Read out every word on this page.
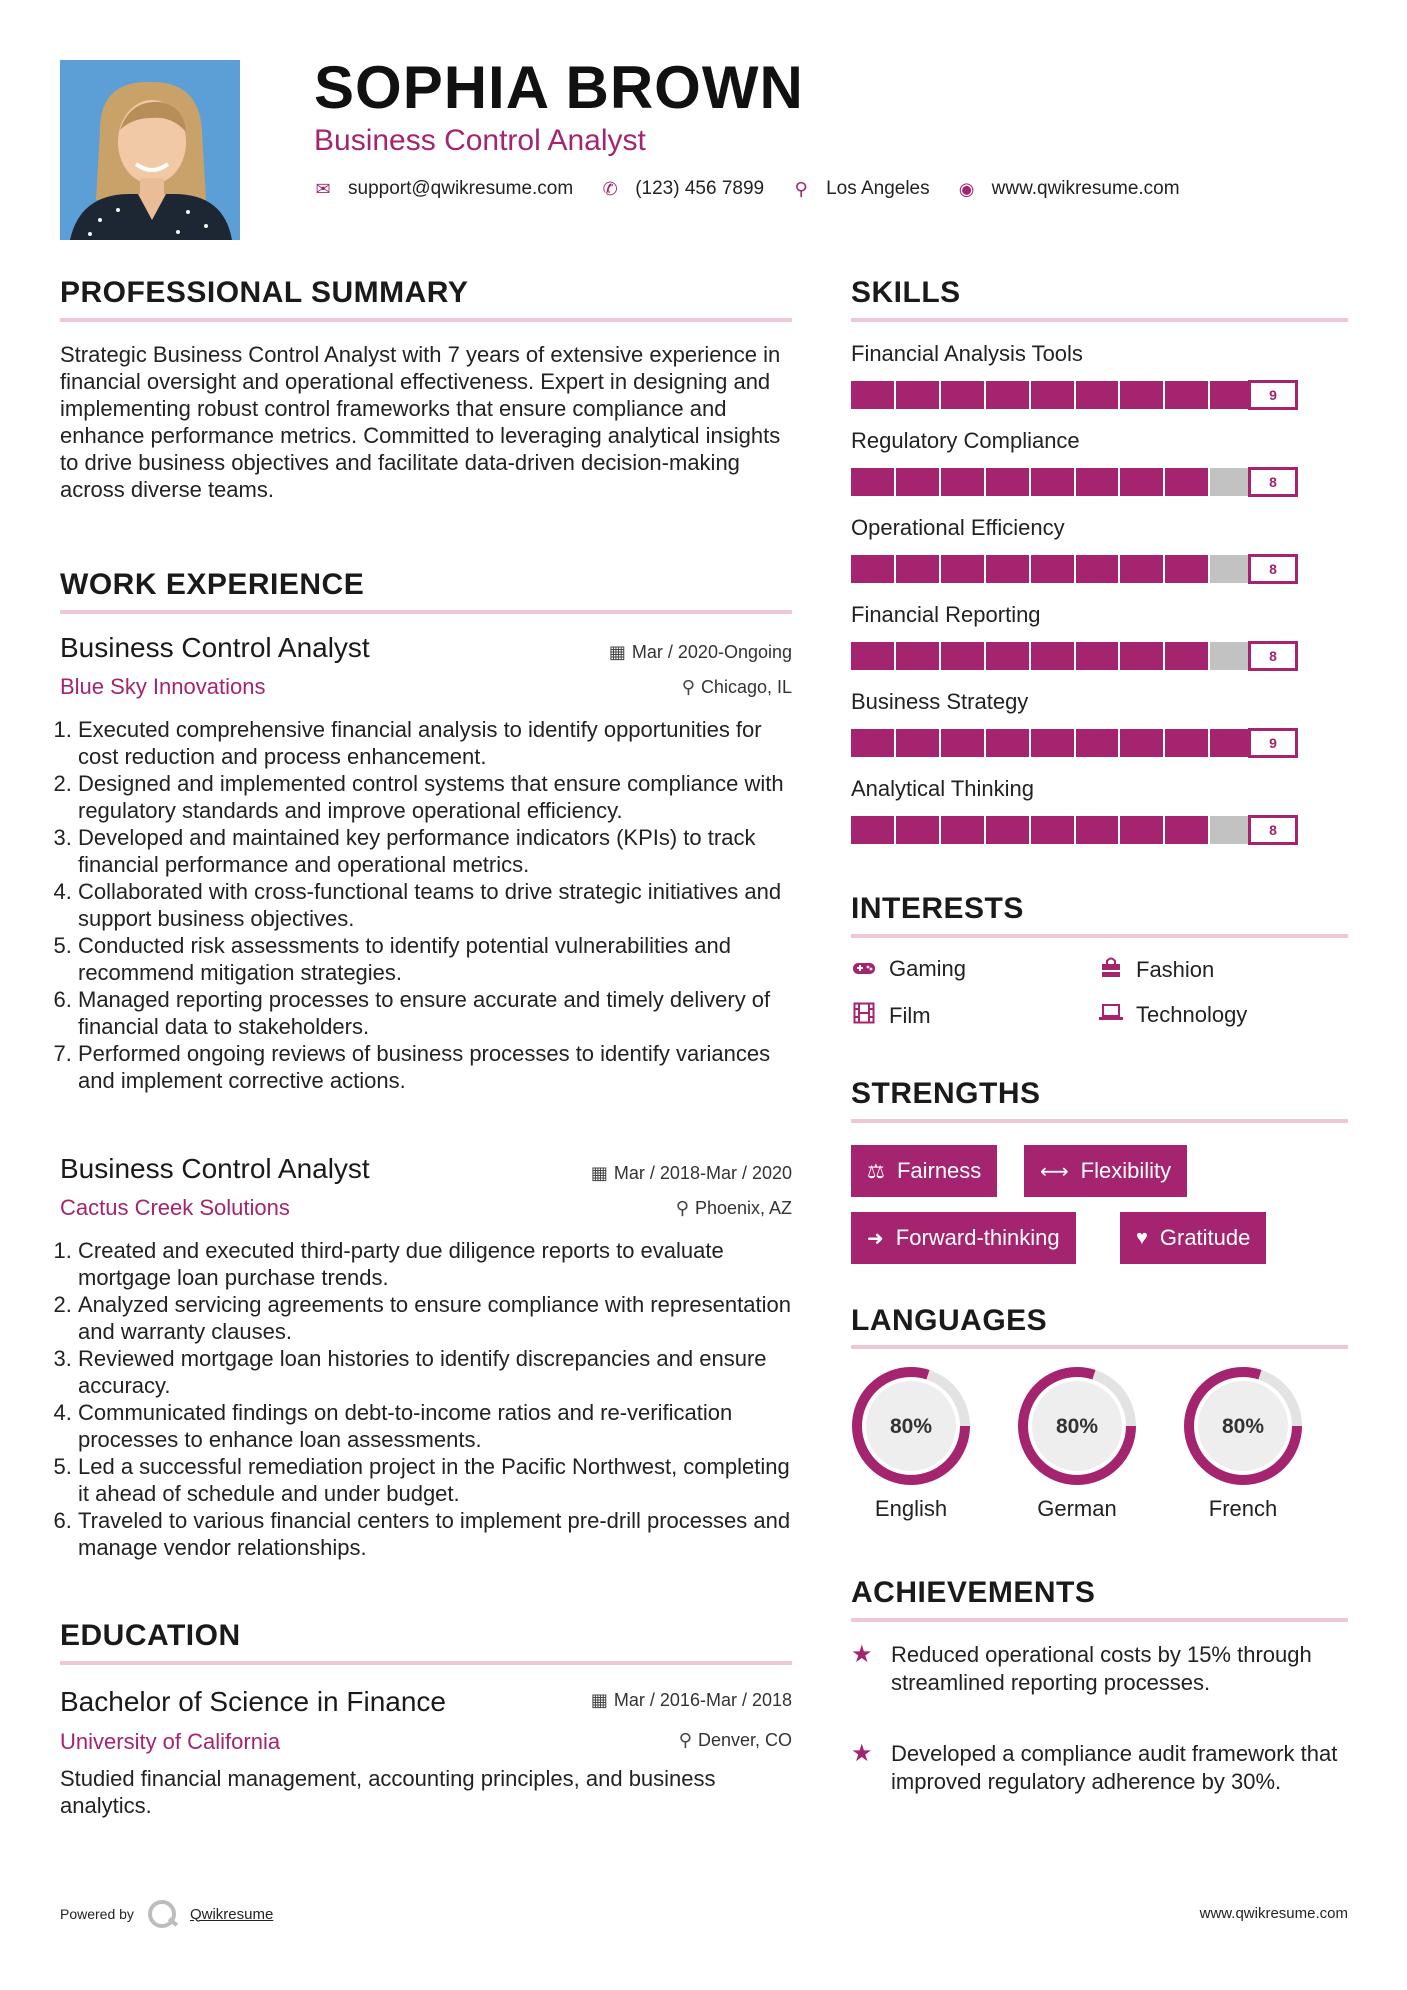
SOPHIA BROWN
Business Control Analyst
✉ support@qwikresume.com ✆ (123) 456 7899 ⚲ Los Angeles ◉ www.qwikresume.com
PROFESSIONAL SUMMARY
Strategic Business Control Analyst with 7 years of extensive experience in financial oversight and operational effectiveness. Expert in designing and implementing robust control frameworks that ensure compliance and enhance performance metrics. Committed to leveraging analytical insights to drive business objectives and facilitate data-driven decision-making across diverse teams.
WORK EXPERIENCE
Business Control Analyst	▦ Mar / 2020-Ongoing
Blue Sky Innovations	⚲ Chicago, IL
1. Executed comprehensive financial analysis to identify opportunities for cost reduction and process enhancement.
2. Designed and implemented control systems that ensure compliance with regulatory standards and improve operational efficiency.
3. Developed and maintained key performance indicators (KPIs) to track financial performance and operational metrics.
4. Collaborated with cross-functional teams to drive strategic initiatives and support business objectives.
5. Conducted risk assessments to identify potential vulnerabilities and recommend mitigation strategies.
6. Managed reporting processes to ensure accurate and timely delivery of financial data to stakeholders.
7. Performed ongoing reviews of business processes to identify variances and implement corrective actions.
Business Control Analyst	▦ Mar / 2018-Mar / 2020
Cactus Creek Solutions	⚲ Phoenix, AZ
1. Created and executed third-party due diligence reports to evaluate mortgage loan purchase trends.
2. Analyzed servicing agreements to ensure compliance with representation and warranty clauses.
3. Reviewed mortgage loan histories to identify discrepancies and ensure accuracy.
4. Communicated findings on debt-to-income ratios and re-verification processes to enhance loan assessments.
5. Led a successful remediation project in the Pacific Northwest, completing it ahead of schedule and under budget.
6. Traveled to various financial centers to implement pre-drill processes and manage vendor relationships.
EDUCATION
Bachelor of Science in Finance	▦ Mar / 2016-Mar / 2018
University of California	⚲ Denver, CO
Studied financial management, accounting principles, and business analytics.
SKILLS
Financial Analysis Tools
9
Regulatory Compliance
8
Operational Efficiency
8
Financial Reporting
8
Business Strategy
9
Analytical Thinking
8
INTERESTS
Gaming	Fashion
Film	Technology
STRENGTHS
⚖ Fairness	⟷ Flexibility
➜ Forward-thinking	♥ Gratitude
LANGUAGES
80%
English
80%
German
80%
French
ACHIEVEMENTS
★ Reduced operational costs by 15% through streamlined reporting processes.
★ Developed a compliance audit framework that improved regulatory adherence by 30%.
Powered by	Qwikresume	www.qwikresume.com
